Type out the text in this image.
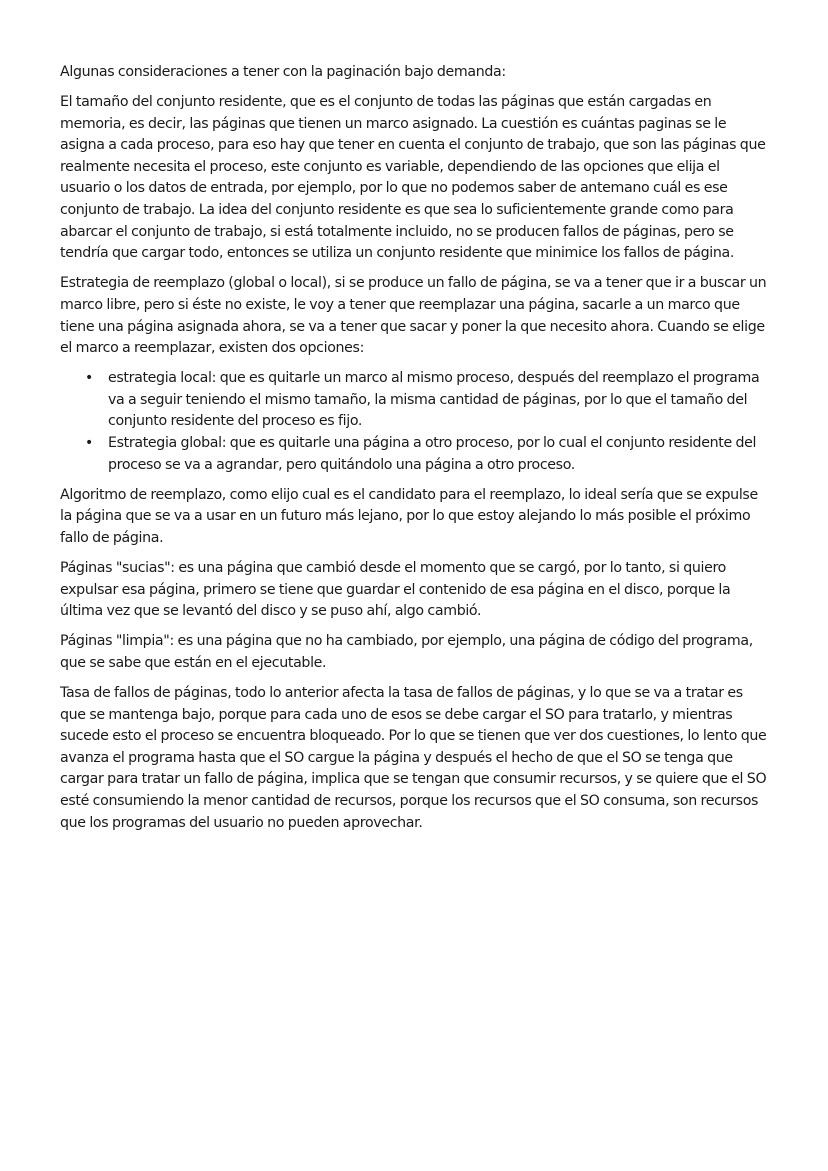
Algunas consideraciones a tener con la paginación bajo demanda:

El tamaño del conjunto residente, que es el conjunto de todas las páginas que están cargadas en memoria, es decir, las páginas que tienen un marco asignado. La cuestión es cuántas paginas se le asigna a cada proceso, para eso hay que tener en cuenta el conjunto de trabajo, que son las páginas que realmente necesita el proceso, este conjunto es variable, dependiendo de las opciones que elija el usuario o los datos de entrada, por ejemplo, por lo que no podemos saber de antemano cuál es ese conjunto de trabajo. La idea del conjunto residente es que sea lo suficientemente grande como para abarcar el conjunto de trabajo, si está totalmente incluido, no se producen fallos de páginas, pero se tendría que cargar todo, entonces se utiliza un conjunto residente que minimice los fallos de página.

Estrategia de reemplazo (global o local), si se produce un fallo de página, se va a tener que ir a buscar un marco libre, pero si éste no existe, le voy a tener que reemplazar una página, sacarle a un marco que tiene una página asignada ahora, se va a tener que sacar y poner la que necesito ahora. Cuando se elige el marco a reemplazar, existen dos opciones:

• estrategia local: que es quitarle un marco al mismo proceso, después del reemplazo el programa va a seguir teniendo el mismo tamaño, la misma cantidad de páginas, por lo que el tamaño del conjunto residente del proceso es fijo.
• Estrategia global: que es quitarle una página a otro proceso, por lo cual el conjunto residente del proceso se va a agrandar, pero quitándolo una página a otro proceso.

Algoritmo de reemplazo, como elijo cual es el candidato para el reemplazo, lo ideal sería que se expulse la página que se va a usar en un futuro más lejano, por lo que estoy alejando lo más posible el próximo fallo de página.

Páginas "sucias": es una página que cambió desde el momento que se cargó, por lo tanto, si quiero expulsar esa página, primero se tiene que guardar el contenido de esa página en el disco, porque la última vez que se levantó del disco y se puso ahí, algo cambió.

Páginas "limpia": es una página que no ha cambiado, por ejemplo, una página de código del programa, que se sabe que están en el ejecutable.

Tasa de fallos de páginas, todo lo anterior afecta la tasa de fallos de páginas, y lo que se va a tratar es que se mantenga bajo, porque para cada uno de esos se debe cargar el SO para tratarlo, y mientras sucede esto el proceso se encuentra bloqueado. Por lo que se tienen que ver dos cuestiones, lo lento que avanza el programa hasta que el SO cargue la página y después el hecho de que el SO se tenga que cargar para tratar un fallo de página, implica que se tengan que consumir recursos, y se quiere que el SO esté consumiendo la menor cantidad de recursos, porque los recursos que el SO consuma, son recursos que los programas del usuario no pueden aprovechar.
